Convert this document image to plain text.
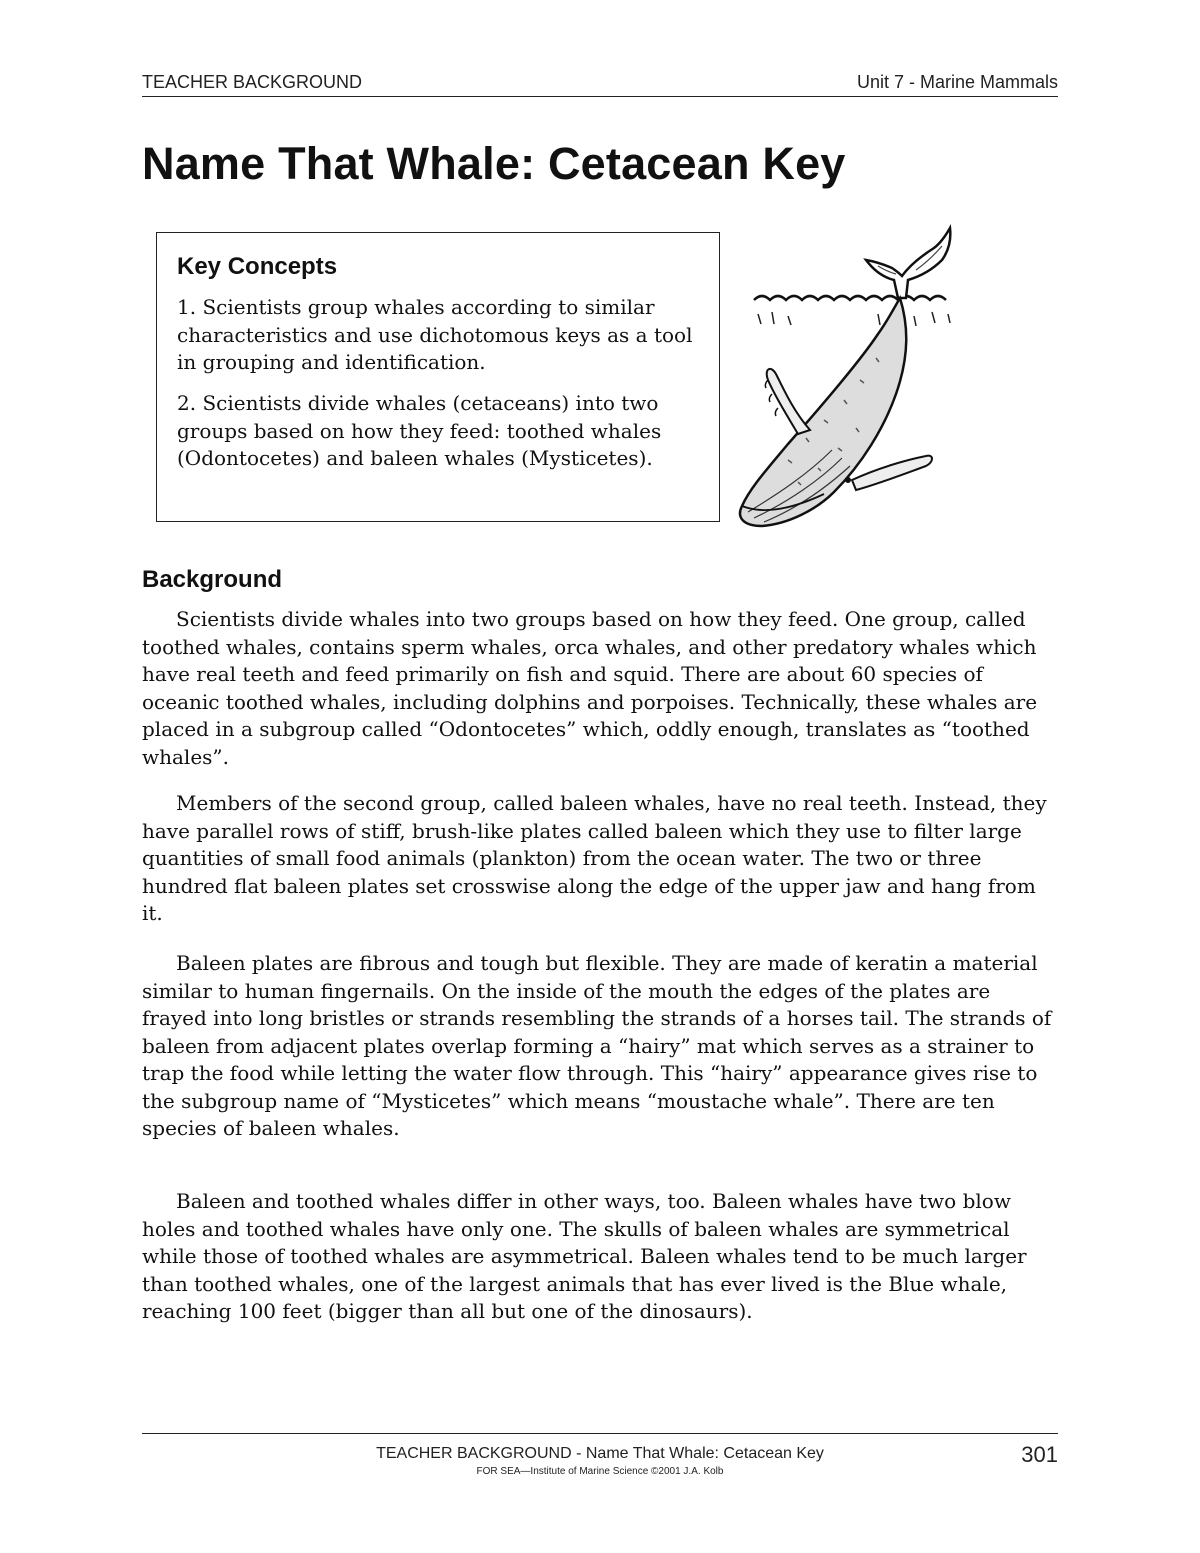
TEACHER BACKGROUND	Unit 7 - Marine Mammals
Name That Whale: Cetacean Key
Key Concepts

1. Scientists group whales according to similar characteristics and use dichotomous keys as a tool in grouping and identification.

2. Scientists divide whales (cetaceans) into two groups based on how they feed: toothed whales (Odontocetes) and baleen whales (Mysticetes).

Background

Scientists divide whales into two groups based on how they feed. One group, called toothed whales, contains sperm whales, orca whales, and other predatory whales which have real teeth and feed primarily on fish and squid. There are about 60 species of oceanic toothed whales, including dolphins and porpoises. Technically, these whales are placed in a subgroup called “Odontocetes” which, oddly enough, translates as “toothed whales”.

Members of the second group, called baleen whales, have no real teeth. Instead, they have parallel rows of stiff, brush-like plates called baleen which they use to filter large quantities of small food animals (plankton) from the ocean water. The two or three hundred flat baleen plates set crosswise along the edge of the upper jaw and hang from it.

Baleen plates are fibrous and tough but flexible. They are made of keratin a material similar to human fingernails. On the inside of the mouth the edges of the plates are frayed into long bristles or strands resembling the strands of a horses tail. The strands of baleen from adjacent plates overlap forming a “hairy” mat which serves as a strainer to trap the food while letting the water flow through. This “hairy” appearance gives rise to the subgroup name of “Mysticetes” which means “moustache whale”. There are ten species of baleen whales.

Baleen and toothed whales differ in other ways, too. Baleen whales have two blow holes and toothed whales have only one. The skulls of baleen whales are symmetrical while those of toothed whales are asymmetrical. Baleen whales tend to be much larger than toothed whales, one of the largest animals that has ever lived is the Blue whale, reaching 100 feet (bigger than all but one of the dinosaurs).

TEACHER BACKGROUND - Name That Whale: Cetacean Key
FOR SEA—Institute of Marine Science ©2001 J.A. Kolb
301
